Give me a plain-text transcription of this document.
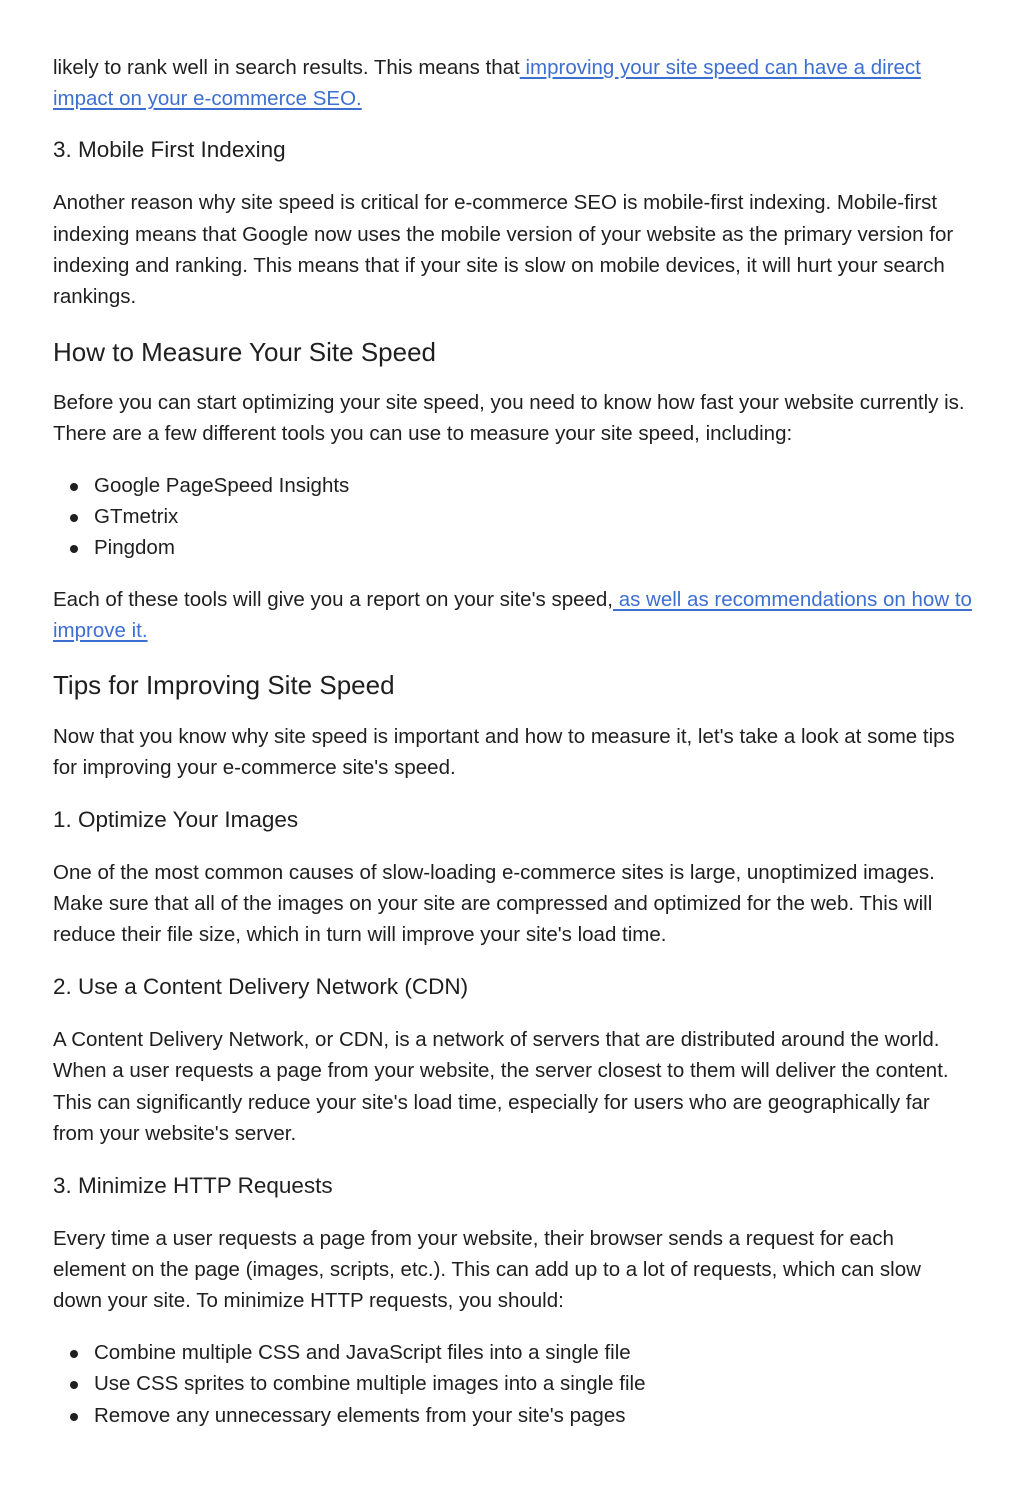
likely to rank well in search results. This means that improving your site speed can have a direct impact on your e-commerce SEO.

3. Mobile First Indexing

Another reason why site speed is critical for e-commerce SEO is mobile-first indexing. Mobile-first indexing means that Google now uses the mobile version of your website as the primary version for indexing and ranking. This means that if your site is slow on mobile devices, it will hurt your search rankings.

How to Measure Your Site Speed

Before you can start optimizing your site speed, you need to know how fast your website currently is. There are a few different tools you can use to measure your site speed, including:

Google PageSpeed Insights
GTmetrix
Pingdom

Each of these tools will give you a report on your site's speed, as well as recommendations on how to improve it.

Tips for Improving Site Speed

Now that you know why site speed is important and how to measure it, let's take a look at some tips for improving your e-commerce site's speed.

1. Optimize Your Images

One of the most common causes of slow-loading e-commerce sites is large, unoptimized images. Make sure that all of the images on your site are compressed and optimized for the web. This will reduce their file size, which in turn will improve your site's load time.

2. Use a Content Delivery Network (CDN)

A Content Delivery Network, or CDN, is a network of servers that are distributed around the world. When a user requests a page from your website, the server closest to them will deliver the content. This can significantly reduce your site's load time, especially for users who are geographically far from your website's server.

3. Minimize HTTP Requests

Every time a user requests a page from your website, their browser sends a request for each element on the page (images, scripts, etc.). This can add up to a lot of requests, which can slow down your site. To minimize HTTP requests, you should:

Combine multiple CSS and JavaScript files into a single file
Use CSS sprites to combine multiple images into a single file
Remove any unnecessary elements from your site's pages
